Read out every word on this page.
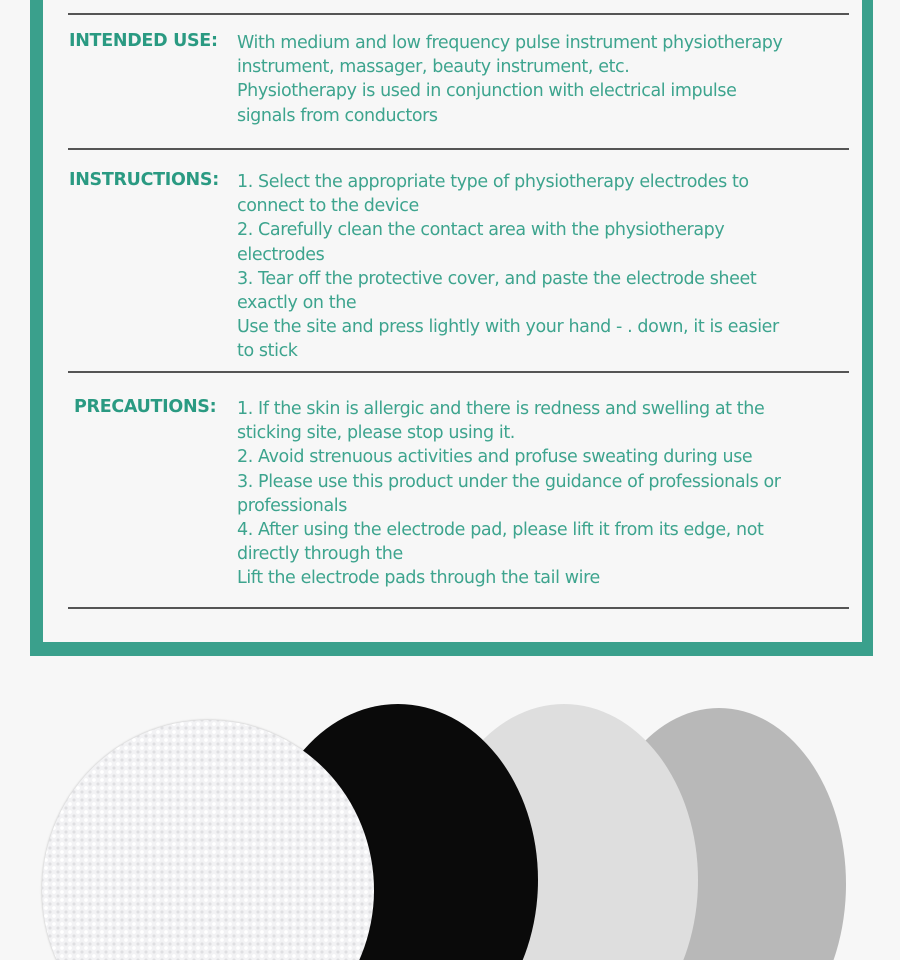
INTENDED USE:	With medium and low frequency pulse instrument physiotherapy
instrument, massager, beauty instrument, etc.
Physiotherapy is used in conjunction with electrical impulse
signals from conductors
INSTRUCTIONS:	1. Select the appropriate type of physiotherapy electrodes to
connect to the device
2. Carefully clean the contact area with the physiotherapy
electrodes
3. Tear off the protective cover, and paste the electrode sheet
exactly on the
Use the site and press lightly with your hand - . down, it is easier
to stick
PRECAUTIONS:	1. If the skin is allergic and there is redness and swelling at the
sticking site, please stop using it.
2. Avoid strenuous activities and profuse sweating during use
3. Please use this product under the guidance of professionals or
professionals
4. After using the electrode pad, please lift it from its edge, not
directly through the
Lift the electrode pads through the tail wire
